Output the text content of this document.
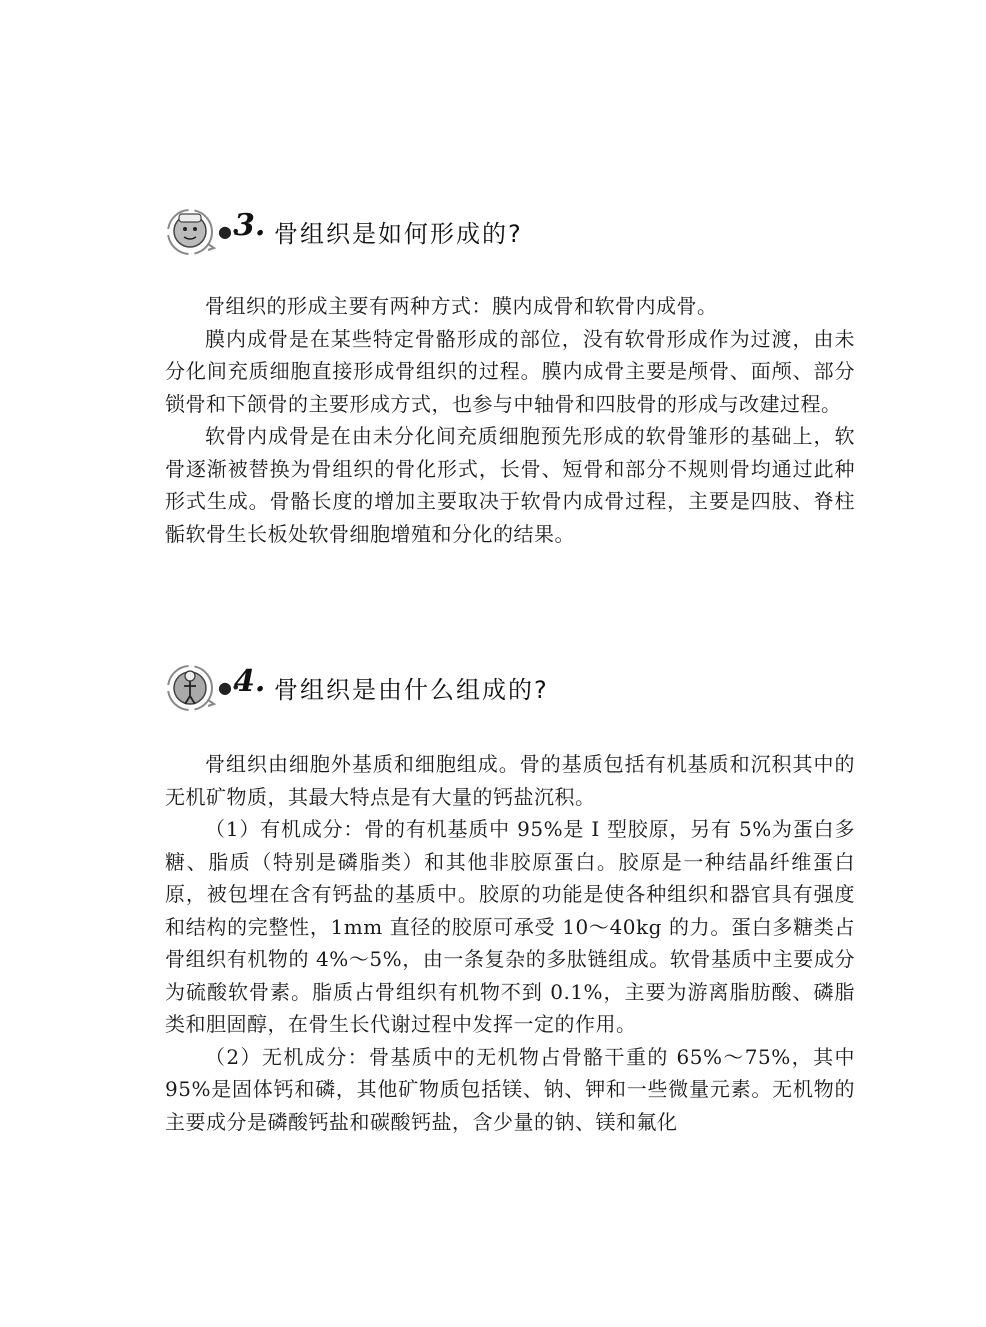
●•
3. 骨组织是如何形成的?

骨组织的形成主要有两种方式：膜内成骨和软骨内成骨。

膜内成骨是在某些特定骨骼形成的部位，没有软骨形成作为过渡，由未分化间充质细胞直接形成骨组织的过程。膜内成骨主要是颅骨、面颅、部分锁骨和下颌骨的主要形成方式，也参与中轴骨和四肢骨的形成与改建过程。

软骨内成骨是在由未分化间充质细胞预先形成的软骨雏形的基础上，软骨逐渐被替换为骨组织的骨化形式，长骨、短骨和部分不规则骨均通过此种形式生成。骨骼长度的增加主要取决于软骨内成骨过程，主要是四肢、脊柱骺软骨生长板处软骨细胞增殖和分化的结果。

●•
4. 骨组织是由什么组成的?

骨组织由细胞外基质和细胞组成。骨的基质包括有机基质和沉积其中的无机矿物质，其最大特点是有大量的钙盐沉积。

（1）有机成分：骨的有机基质中 95%是 I 型胶原，另有 5%为蛋白多糖、脂质（特别是磷脂类）和其他非胶原蛋白。胶原是一种结晶纤维蛋白原，被包埋在含有钙盐的基质中。胶原的功能是使各种组织和器官具有强度和结构的完整性，1mm 直径的胶原可承受 10～40kg 的力。蛋白多糖类占骨组织有机物的 4%～5%，由一条复杂的多肽链组成。软骨基质中主要成分为硫酸软骨素。脂质占骨组织有机物不到 0.1%，主要为游离脂肪酸、磷脂类和胆固醇，在骨生长代谢过程中发挥一定的作用。

（2）无机成分：骨基质中的无机物占骨骼干重的 65%～75%，其中 95%是固体钙和磷，其他矿物质包括镁、钠、钾和一些微量元素。无机物的主要成分是磷酸钙盐和碳酸钙盐，含少量的钠、镁和氟化
